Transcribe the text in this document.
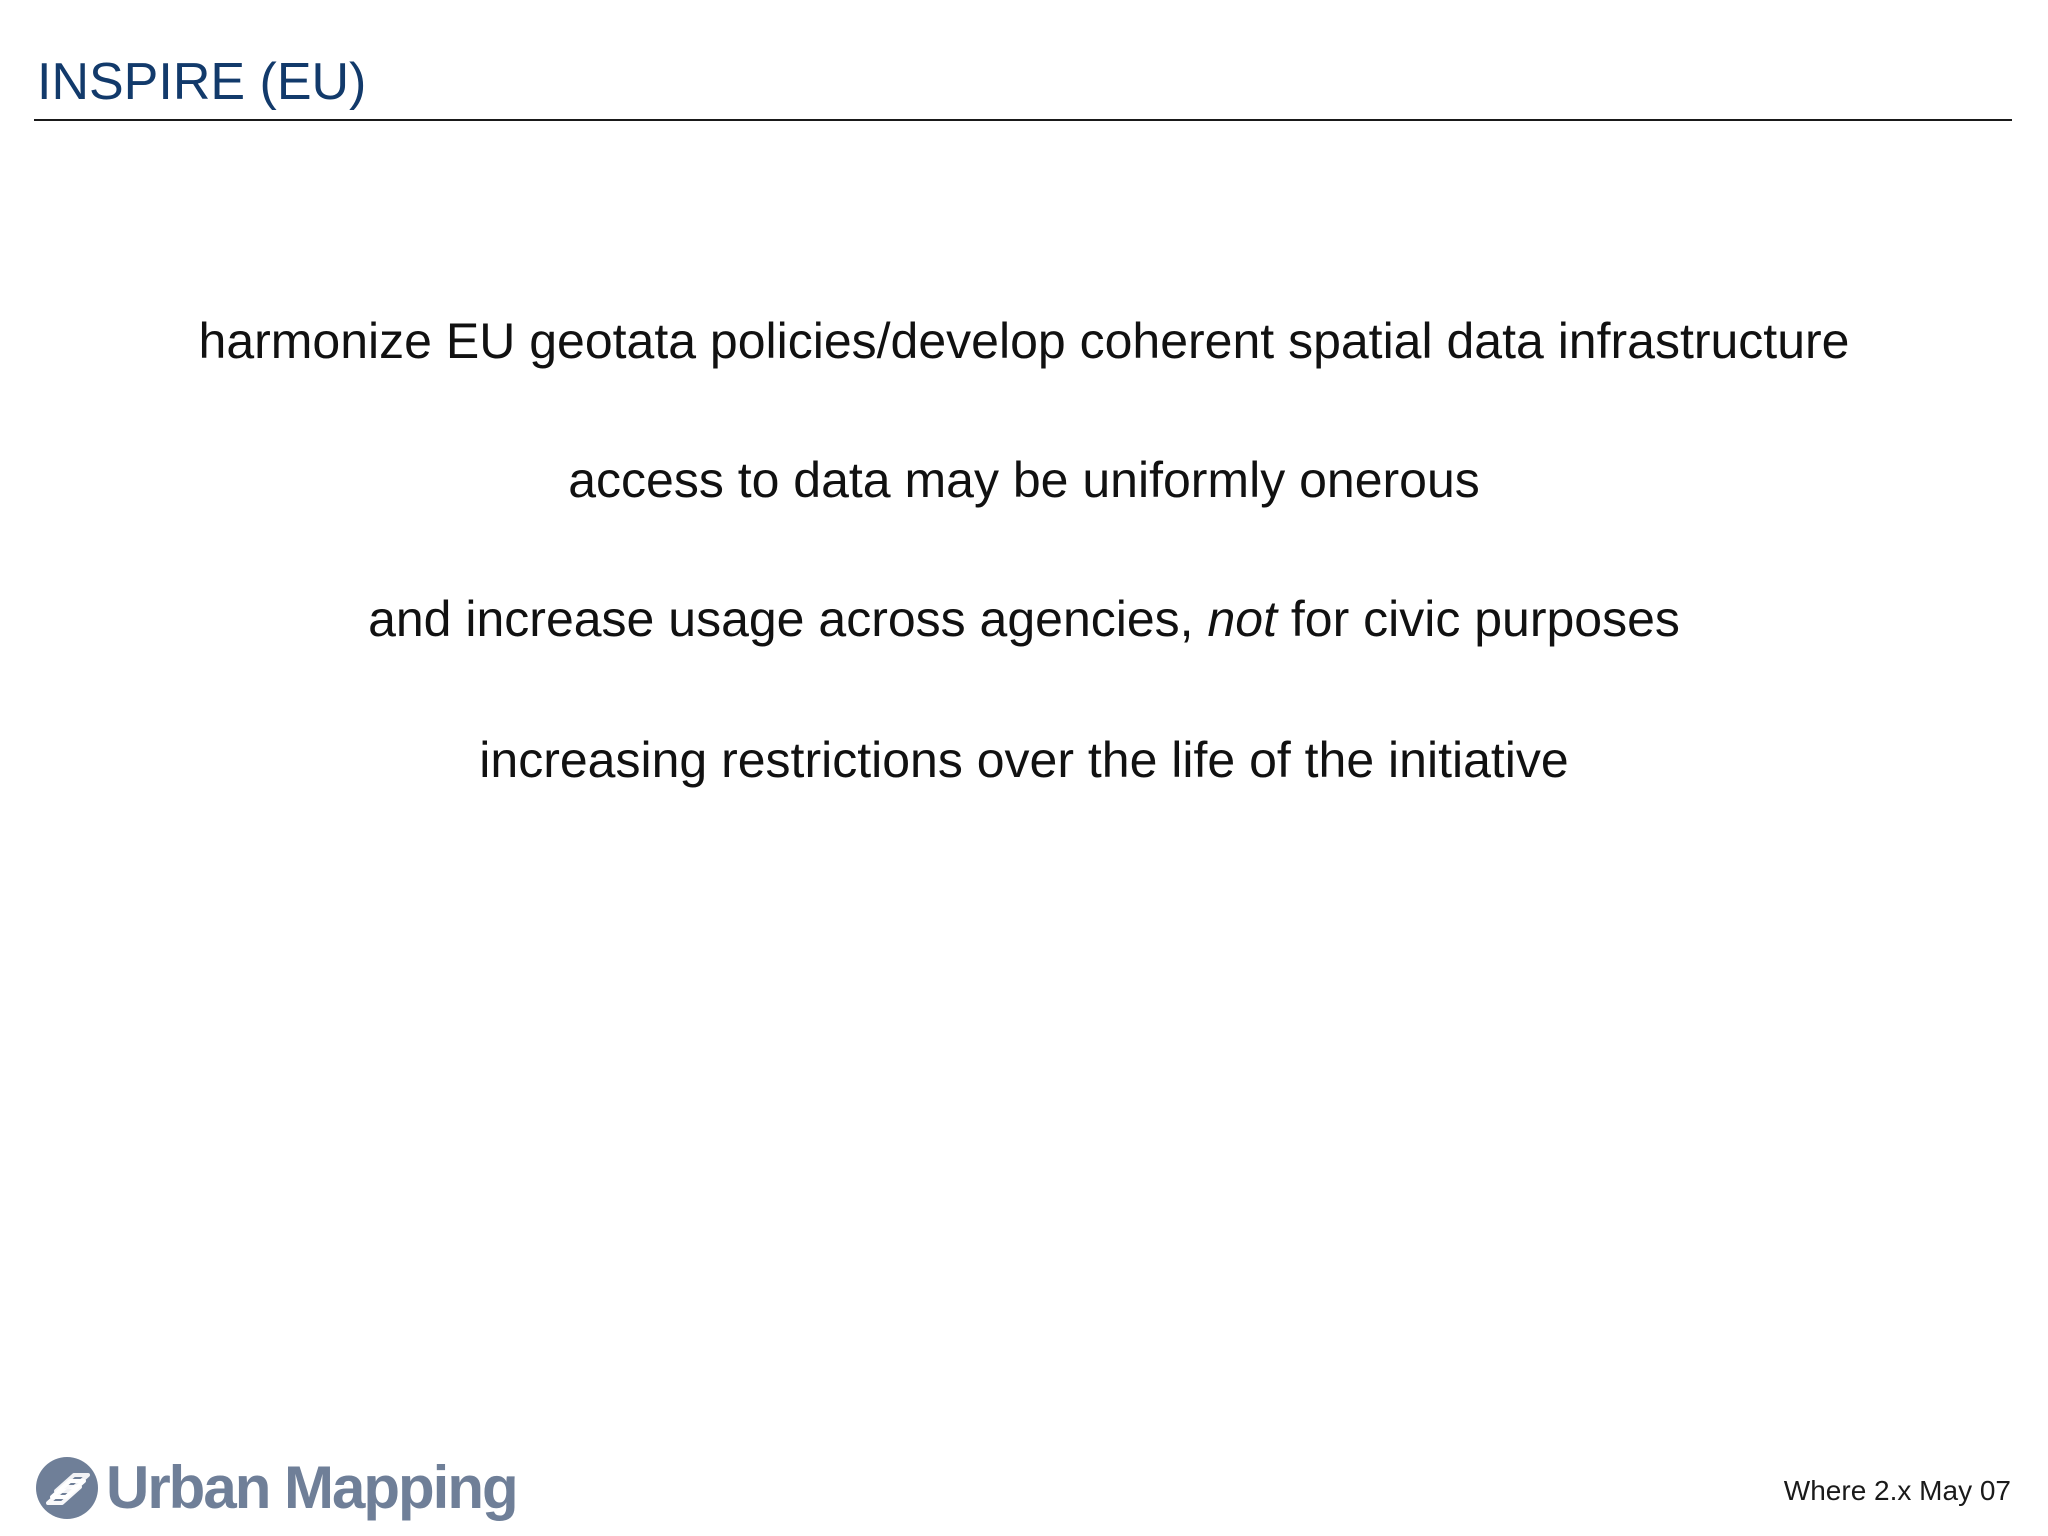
INSPIRE (EU)
harmonize EU geotata policies/develop coherent spatial data infrastructure
access to data may be uniformly onerous
and increase usage across agencies, not for civic purposes
increasing restrictions over the life of the initiative
Urban Mapping	Where 2.x May 07
